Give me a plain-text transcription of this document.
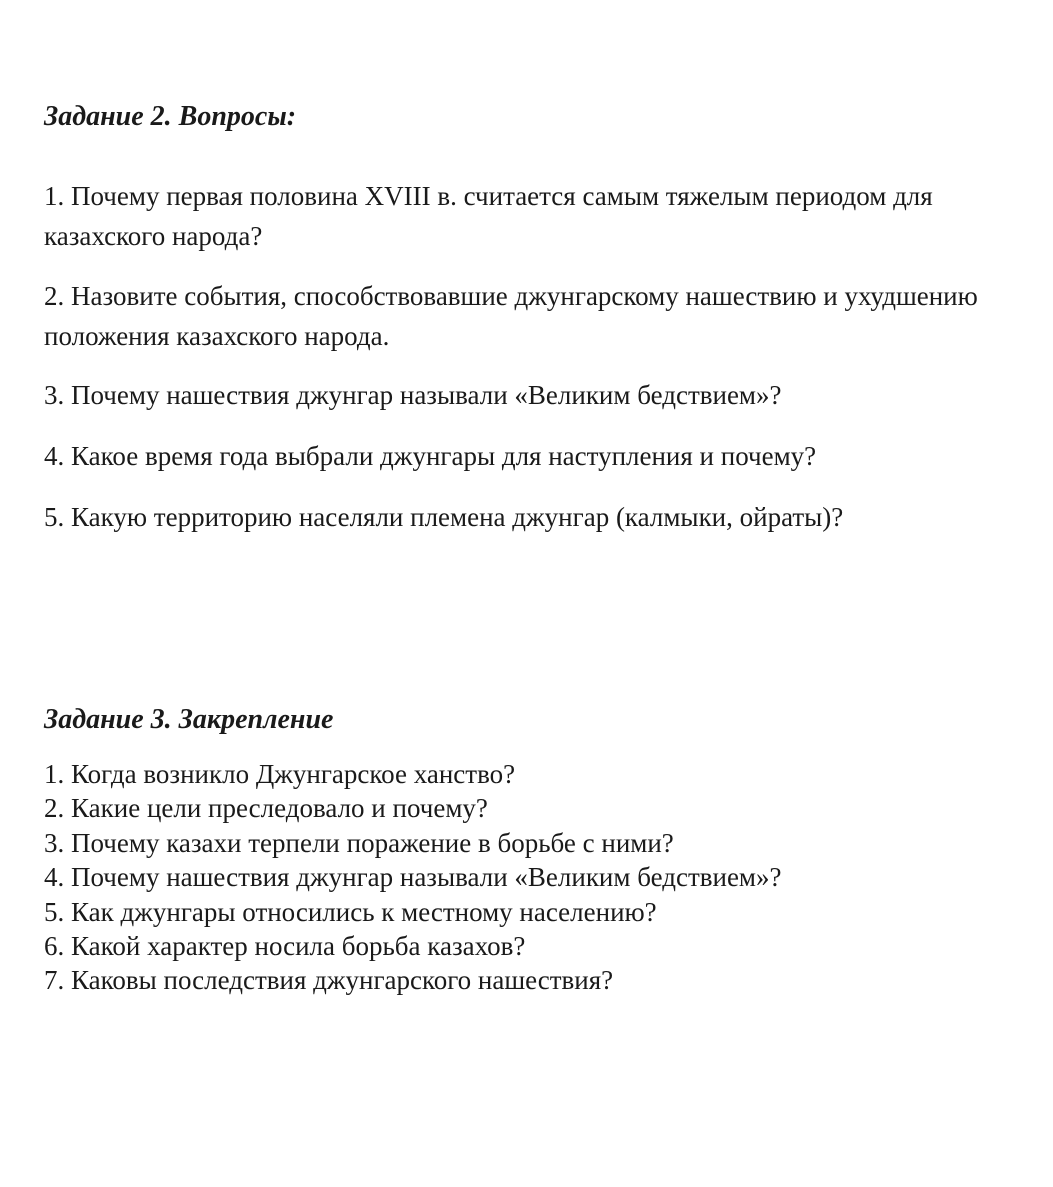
Задание 2. Вопросы:

1. Почему первая половина XVIII в. считается самым тяжелым периодом для казахского народа?

2. Назовите события, способствовавшие джунгарскому нашествию и ухудшению положения казахского народа.

3. Почему нашествия джунгар называли «Великим бедствием»?

4. Какое время года выбрали джунгары для наступления и почему?

5. Какую территорию населяли племена джунгар (калмыки, ойраты)?

Задание 3. Закрепление
1. Когда возникло Джунгарское ханство?
2. Какие цели преследовало и почему?
3. Почему казахи терпели поражение в борьбе с ними?
4. Почему нашествия джунгар называли «Великим бедствием»?
5. Как джунгары относились к местному населению?
6. Какой характер носила борьба казахов?
7. Каковы последствия джунгарского нашествия?
